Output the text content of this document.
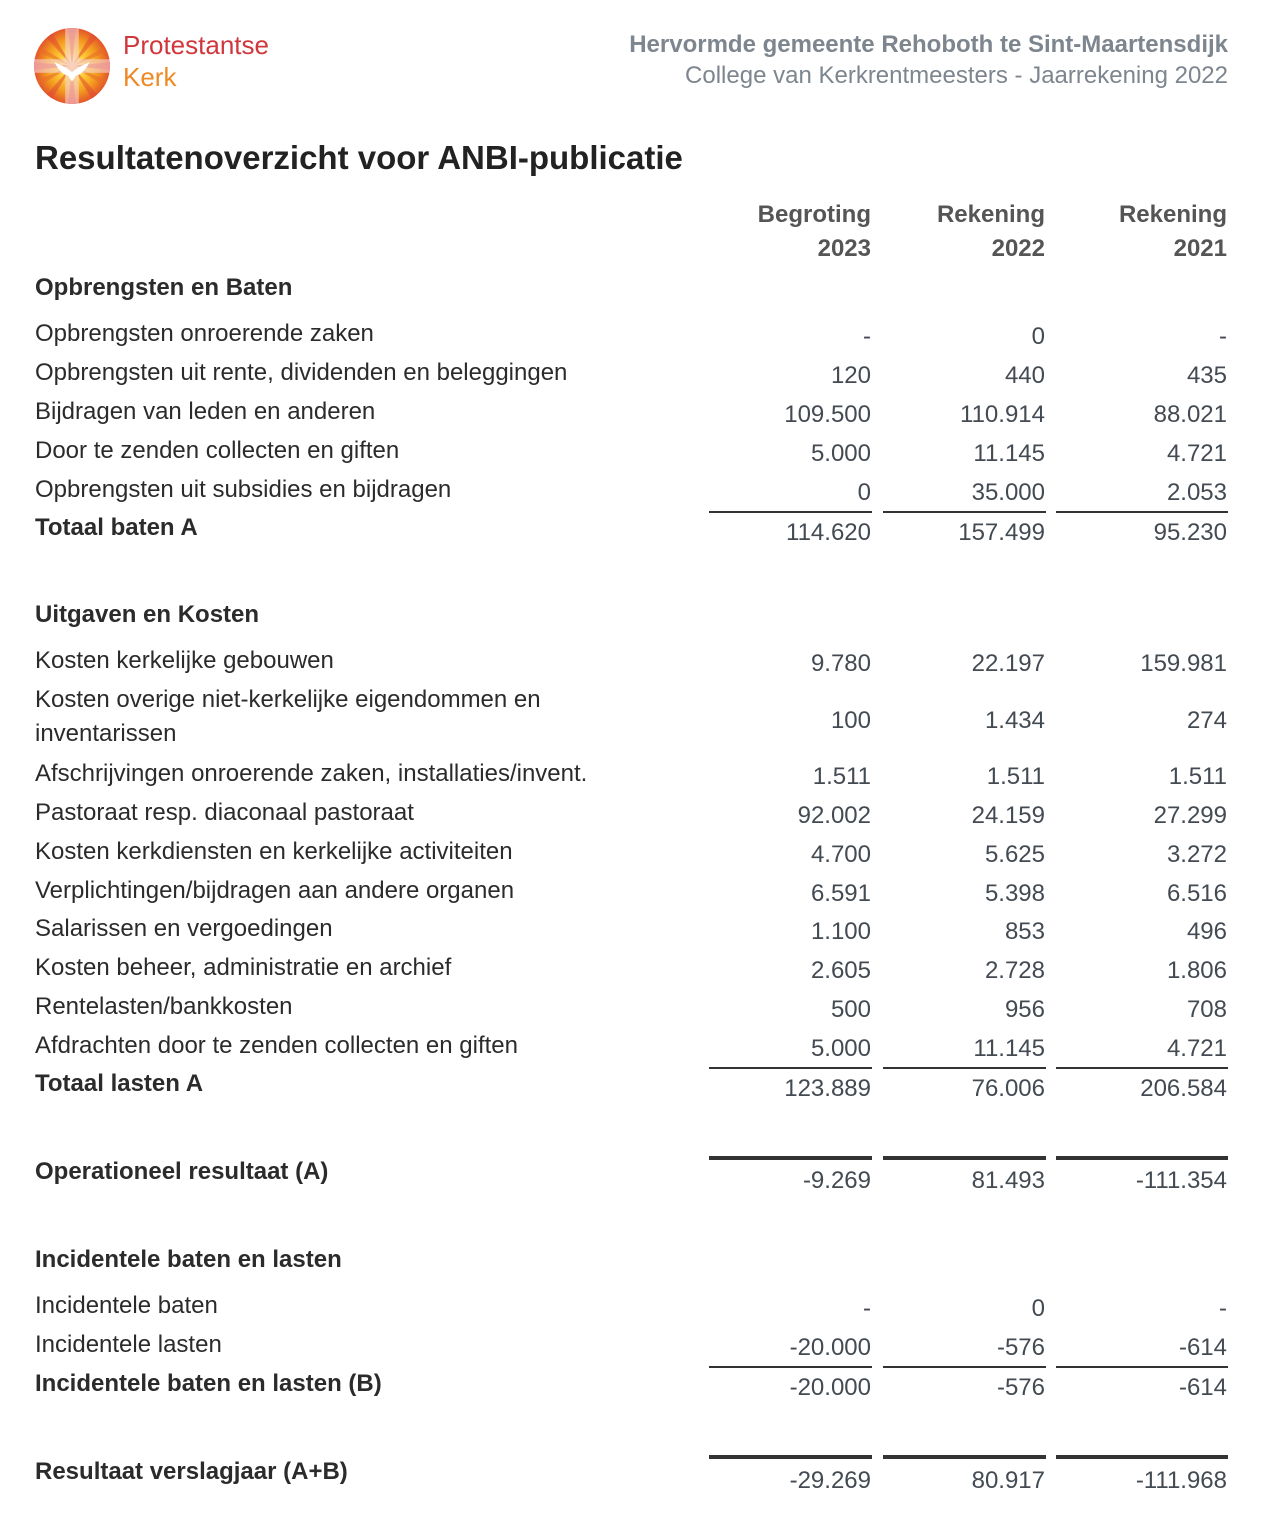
Protestantse
Kerk
Hervormde gemeente Rehoboth te Sint-Maartensdijk
College van Kerkrentmeesters - Jaarrekening 2022
Resultatenoverzicht voor ANBI-publicatie
Begroting
2023
Rekening
2022
Rekening
2021
Opbrengsten en Baten
Opbrengsten onroerende zaken	-	0	-
Opbrengsten uit rente, dividenden en beleggingen	120	440	435
Bijdragen van leden en anderen	109.500	110.914	88.021
Door te zenden collecten en giften	5.000	11.145	4.721
Opbrengsten uit subsidies en bijdragen	0	35.000	2.053
Totaal baten A	114.620	157.499	95.230
Uitgaven en Kosten
Kosten kerkelijke gebouwen	9.780	22.197	159.981
Kosten overige niet-kerkelijke eigendommen en
inventarissen	100	1.434	274
Afschrijvingen onroerende zaken, installaties/invent.	1.511	1.511	1.511
Pastoraat resp. diaconaal pastoraat	92.002	24.159	27.299
Kosten kerkdiensten en kerkelijke activiteiten	4.700	5.625	3.272
Verplichtingen/bijdragen aan andere organen	6.591	5.398	6.516
Salarissen en vergoedingen	1.100	853	496
Kosten beheer, administratie en archief	2.605	2.728	1.806
Rentelasten/bankkosten	500	956	708
Afdrachten door te zenden collecten en giften	5.000	11.145	4.721
Totaal lasten A	123.889	76.006	206.584
Operationeel resultaat (A)	-9.269	81.493	-111.354
Incidentele baten en lasten
Incidentele baten	-	0	-
Incidentele lasten	-20.000	-576	-614
Incidentele baten en lasten (B)	-20.000	-576	-614
Resultaat verslagjaar (A+B)	-29.269	80.917	-111.968
